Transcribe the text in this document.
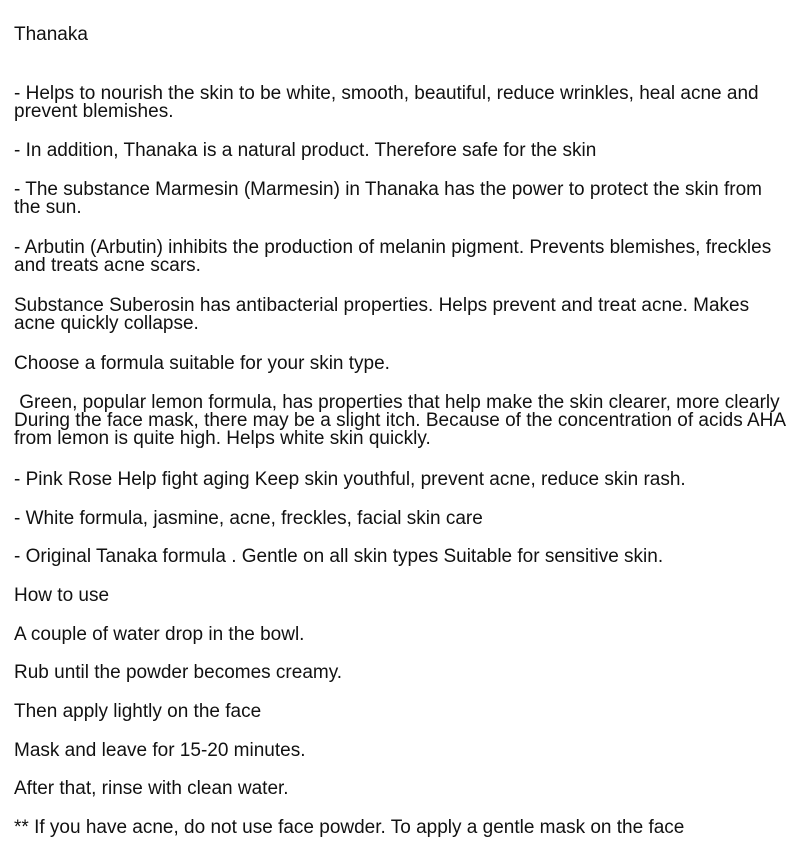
Thanaka

- Helps to nourish the skin to be white, smooth, beautiful, reduce wrinkles, heal acne and prevent blemishes.

- In addition, Thanaka is a natural product. Therefore safe for the skin

- The substance Marmesin (Marmesin) in Thanaka has the power to protect the skin from the sun.

- Arbutin (Arbutin) inhibits the production of melanin pigment. Prevents blemishes, freckles and treats acne scars.

Substance Suberosin has antibacterial properties. Helps prevent and treat acne. Makes acne quickly collapse.

Choose a formula suitable for your skin type.

Green, popular lemon formula, has properties that help make the skin clearer, more clearly During the face mask, there may be a slight itch. Because of the concentration of acids AHA from lemon is quite high. Helps white skin quickly.

- Pink Rose Help fight aging Keep skin youthful, prevent acne, reduce skin rash.

- White formula, jasmine, acne, freckles, facial skin care

- Original Tanaka formula . Gentle on all skin types Suitable for sensitive skin.

How to use

A couple of water drop in the bowl.

Rub until the powder becomes creamy.

Then apply lightly on the face

Mask and leave for 15-20 minutes.

After that, rinse with clean water.

** If you have acne, do not use face powder. To apply a gentle mask on the face
